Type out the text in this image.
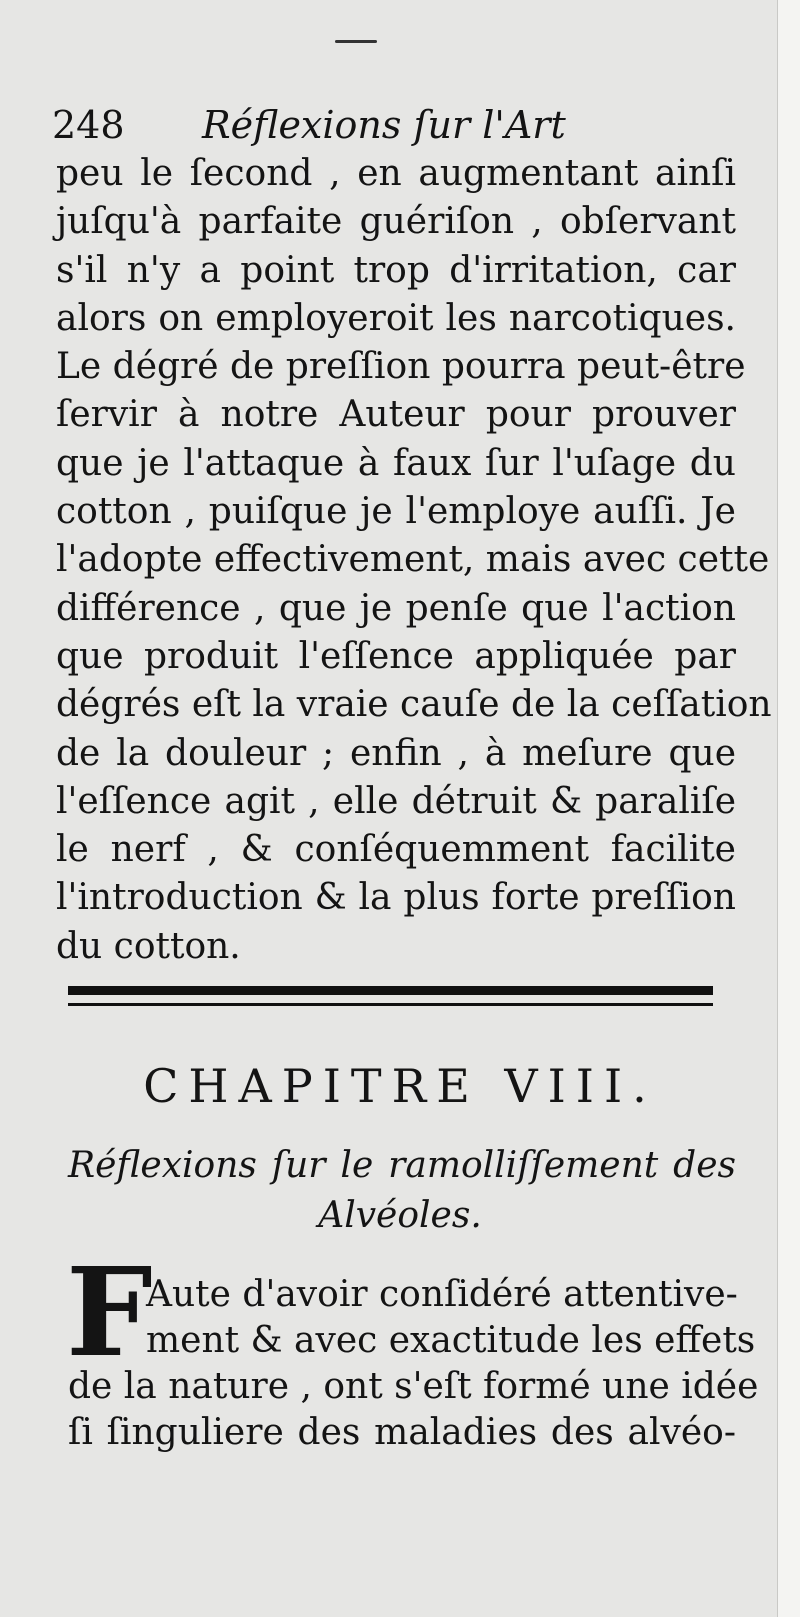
248 Réflexions ſur l'Art
peu le ſecond , en augmentant ainſi
juſqu'à parfaite guériſon , obſervant
s'il n'y a point trop d'irritation, car
alors on employeroit les narcotiques.
Le dégré de preſſion pourra peut-être
ſervir à notre Auteur pour prouver
que je l'attaque à faux ſur l'uſage du
cotton , puiſque je l'employe auſſi. Je
l'adopte effectivement, mais avec cette
différence , que je penſe que l'action
que produit l'eſſence appliquée par
dégrés eſt la vraie cauſe de la ceſſation
de la douleur ; enfin , à meſure que
l'eſſence agit , elle détruit & paraliſe
le nerf , & conſéquemment facilite
l'introduction & la plus forte preſſion
du cotton.
CHAPITRE VIII.
Réflexions ſur le ramolliſſement des
Alvéoles.
F
Aute d'avoir conſidéré attentive-
ment & avec exactitude les effets
de la nature , ont s'eſt formé une idée
ſi ſinguliere des maladies des alvéo-
